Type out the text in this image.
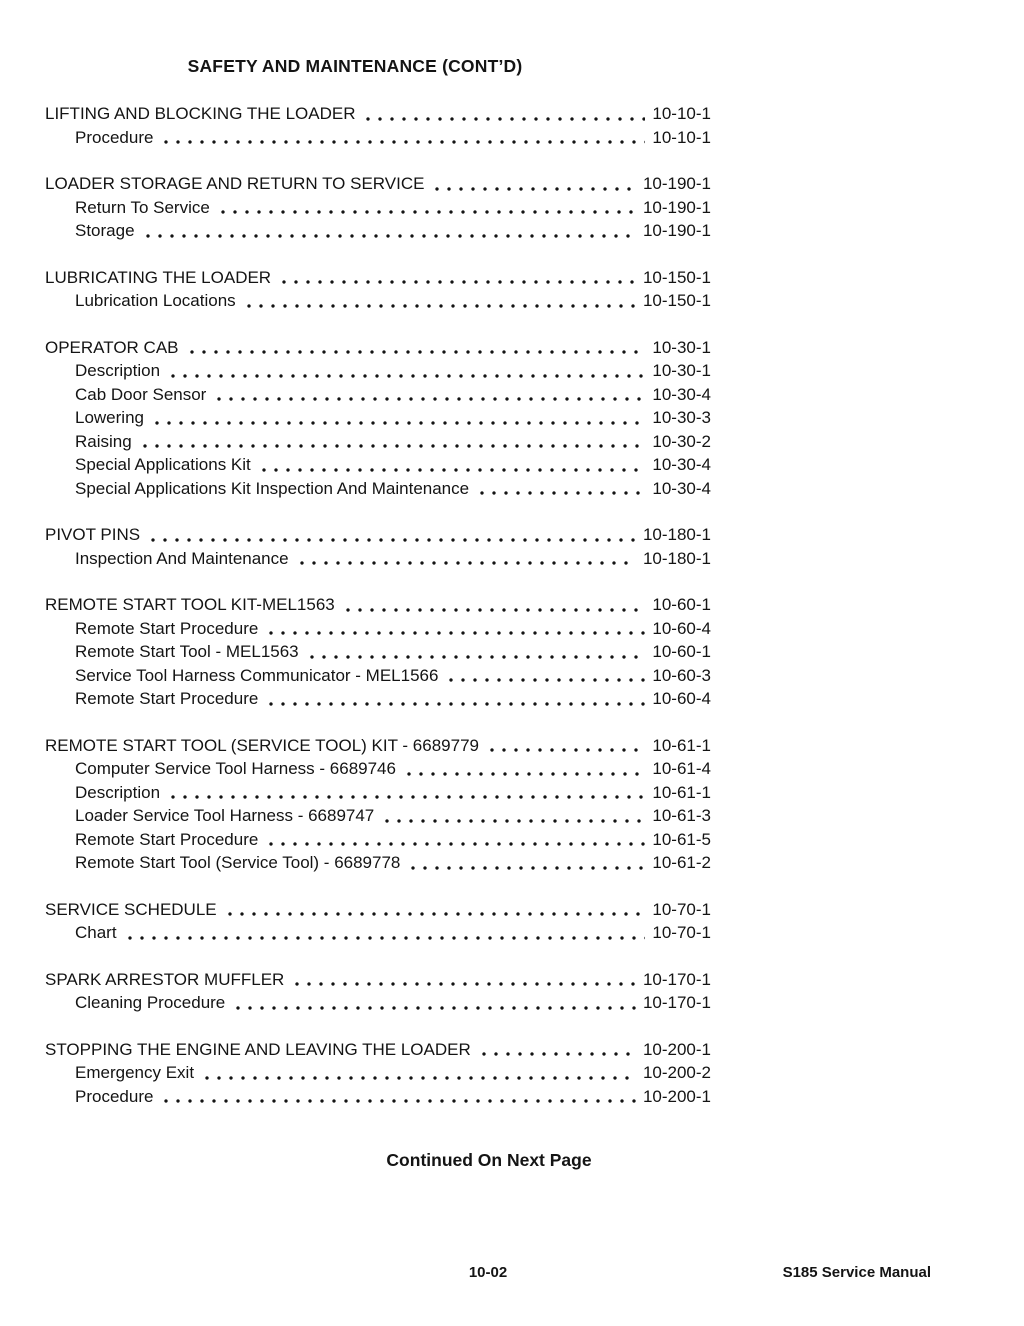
SAFETY AND MAINTENANCE (CONT’D)
LIFTING AND BLOCKING THE LOADER	10-10-1
Procedure	10-10-1
LOADER STORAGE AND RETURN TO SERVICE	10-190-1
Return To Service	10-190-1
Storage	10-190-1
LUBRICATING THE LOADER	10-150-1
Lubrication Locations	10-150-1
OPERATOR CAB	10-30-1
Description	10-30-1
Cab Door Sensor	10-30-4
Lowering	10-30-3
Raising	10-30-2
Special Applications Kit	10-30-4
Special Applications Kit Inspection And Maintenance	10-30-4
PIVOT PINS	10-180-1
Inspection And Maintenance	10-180-1
REMOTE START TOOL KIT-MEL1563	10-60-1
Remote Start Procedure	10-60-4
Remote Start Tool - MEL1563	10-60-1
Service Tool Harness Communicator - MEL1566	10-60-3
Remote Start Procedure	10-60-4
REMOTE START TOOL (SERVICE TOOL) KIT - 6689779	10-61-1
Computer Service Tool Harness - 6689746	10-61-4
Description	10-61-1
Loader Service Tool Harness - 6689747	10-61-3
Remote Start Procedure	10-61-5
Remote Start Tool (Service Tool) - 6689778	10-61-2
SERVICE SCHEDULE	10-70-1
Chart	10-70-1
SPARK ARRESTOR MUFFLER	10-170-1
Cleaning Procedure	10-170-1
STOPPING THE ENGINE AND LEAVING THE LOADER	10-200-1
Emergency Exit	10-200-2
Procedure	10-200-1
Continued On Next Page
10-02	S185 Service Manual
